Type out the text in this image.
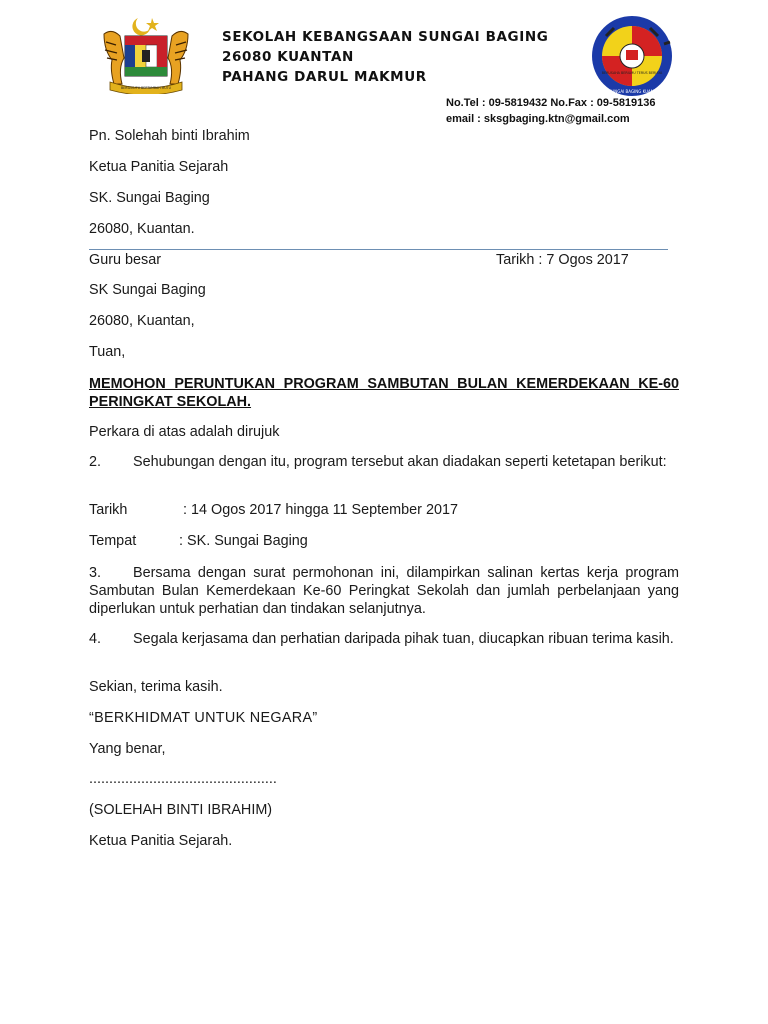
BERSEKUTU BERTAMBAH MUTU
SEKOLAH KEBANGSAAN SUNGAI BAGING
26080 KUANTAN
PAHANG DARUL MAKMUR	BERUSAHA BERILMU TERUS BERJAYA
SK SUNGAI BAGING KUANTAN
No.Tel : 09-5819432 No.Fax : 09-5819136
email : sksgbaging.ktn@gmail.com
Pn. Solehah binti Ibrahim
Ketua Panitia Sejarah
SK. Sungai Baging
26080, Kuantan.
Guru besar	Tarikh : 7 Ogos 2017
SK Sungai Baging
26080, Kuantan,
Tuan,
MEMOHON PERUNTUKAN PROGRAM SAMBUTAN BULAN KEMERDEKAAN KE-60 PERINGKAT SEKOLAH.
Perkara di atas adalah dirujuk
2. Sehubungan dengan itu, program tersebut akan diadakan seperti ketetapan berikut:
Tarikh	: 14 Ogos 2017 hingga 11 September 2017
Tempat	: SK. Sungai Baging
3. Bersama dengan surat permohonan ini, dilampirkan salinan kertas kerja program Sambutan Bulan Kemerdekaan Ke-60 Peringkat Sekolah dan jumlah perbelanjaan yang diperlukan untuk perhatian dan tindakan selanjutnya.
4. Segala kerjasama dan perhatian daripada pihak tuan, diucapkan ribuan terima kasih.
Sekian, terima kasih.
“BERKHIDMAT UNTUK NEGARA”
Yang benar,
...............................................
(SOLEHAH BINTI IBRAHIM)
Ketua Panitia Sejarah.
